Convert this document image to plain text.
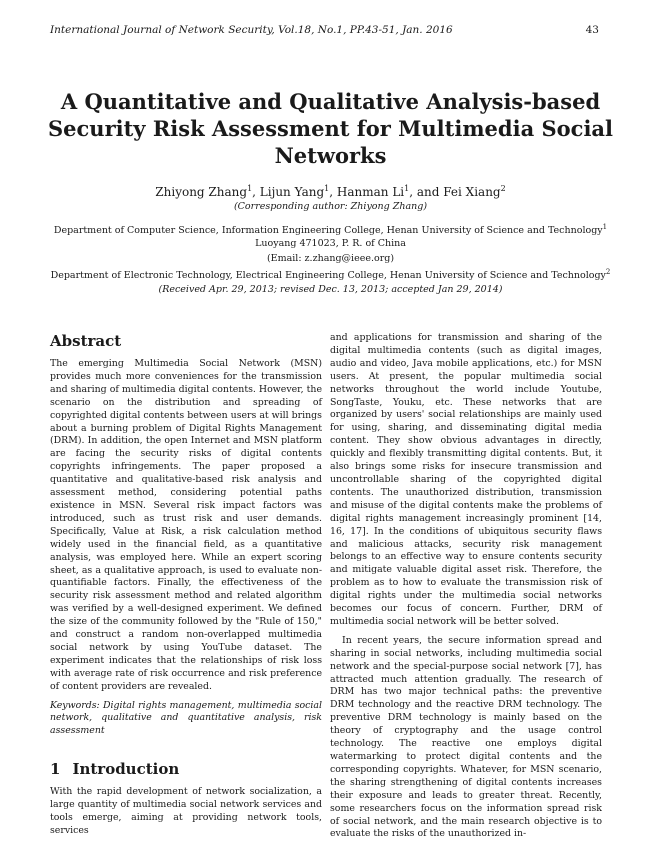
International Journal of Network Security, Vol.18, No.1, PP.43-51, Jan. 2016	43
A Quantitative and Qualitative Analysis-based Security Risk Assessment for Multimedia Social Networks
Zhiyong Zhang$^1$, Lijun Yang$^1$, Hanman Li$^1$, and Fei Xiang$^2$
(Corresponding author: Zhiyong Zhang)
Department of Computer Science, Information Engineering College, Henan University of Science and Technology$^1$
Luoyang 471023, P. R. of China
(Email: z.zhang@ieee.org)
Department of Electronic Technology, Electrical Engineering College, Henan University of Science and Technology$^2$
(Received Apr. 29, 2013; revised Dec. 13, 2013; accepted Jan 29, 2014)
Abstract

The emerging Multimedia Social Network (MSN) provides much more conveniences for the transmission and sharing of multimedia digital contents. However, the scenario on the distribution and spreading of copyrighted digital contents between users at will brings about a burning problem of Digital Rights Management (DRM). In addition, the open Internet and MSN platform are facing the security risks of digital contents copyrights infringements. The paper proposed a quantitative and qualitative-based risk analysis and assessment method, considering potential paths existence in MSN. Several risk impact factors was introduced, such as trust risk and user demands. Specifically, Value at Risk, a risk calculation method widely used in the financial field, as a quantitative analysis, was employed here. While an expert scoring sheet, as a qualitative approach, is used to evaluate non-quantifiable factors. Finally, the effectiveness of the security risk assessment method and related algorithm was verified by a well-designed experiment. We defined the size of the community followed by the "Rule of 150," and construct a random non-overlapped multimedia social network by using YouTube dataset. The experiment indicates that the relationships of risk loss with average rate of risk occurrence and risk preference of content providers are revealed.

Keywords: Digital rights management, multimedia social network, qualitative and quantitative analysis, risk assessment

1 Introduction

With the rapid development of network socialization, a large quantity of multimedia social network services and tools emerge, aiming at providing network tools, services

and applications for transmission and sharing of the digital multimedia contents (such as digital images, audio and video, Java mobile applications, etc.) for MSN users. At present, the popular multimedia social networks throughout the world include Youtube, SongTaste, Youku, etc. These networks that are organized by users' social relationships are mainly used for using, sharing, and disseminating digital media content. They show obvious advantages in directly, quickly and flexibly transmitting digital contents. But, it also brings some risks for insecure transmission and uncontrollable sharing of the copyrighted digital contents. The unauthorized distribution, transmission and misuse of the digital contents make the problems of digital rights management increasingly prominent [14, 16, 17]. In the conditions of ubiquitous security flaws and malicious attacks, security risk management belongs to an effective way to ensure contents security and mitigate valuable digital asset risk. Therefore, the problem as to how to evaluate the transmission risk of digital rights under the multimedia social networks becomes our focus of concern. Further, DRM of multimedia social network will be better solved.

In recent years, the secure information spread and sharing in social networks, including multimedia social network and the special-purpose social network [7], has attracted much attention gradually. The research of DRM has two major technical paths: the preventive DRM technology and the reactive DRM technology. The preventive DRM technology is mainly based on the theory of cryptography and the usage control technology. The reactive one employs digital watermarking to protect digital contents and the corresponding copyrights. Whatever, for MSN scenario, the sharing strengthening of digital contents increases their exposure and leads to greater threat. Recently, some researchers focus on the information spread risk of social network, and the main research objective is to evaluate the risks of the unauthorized in-
